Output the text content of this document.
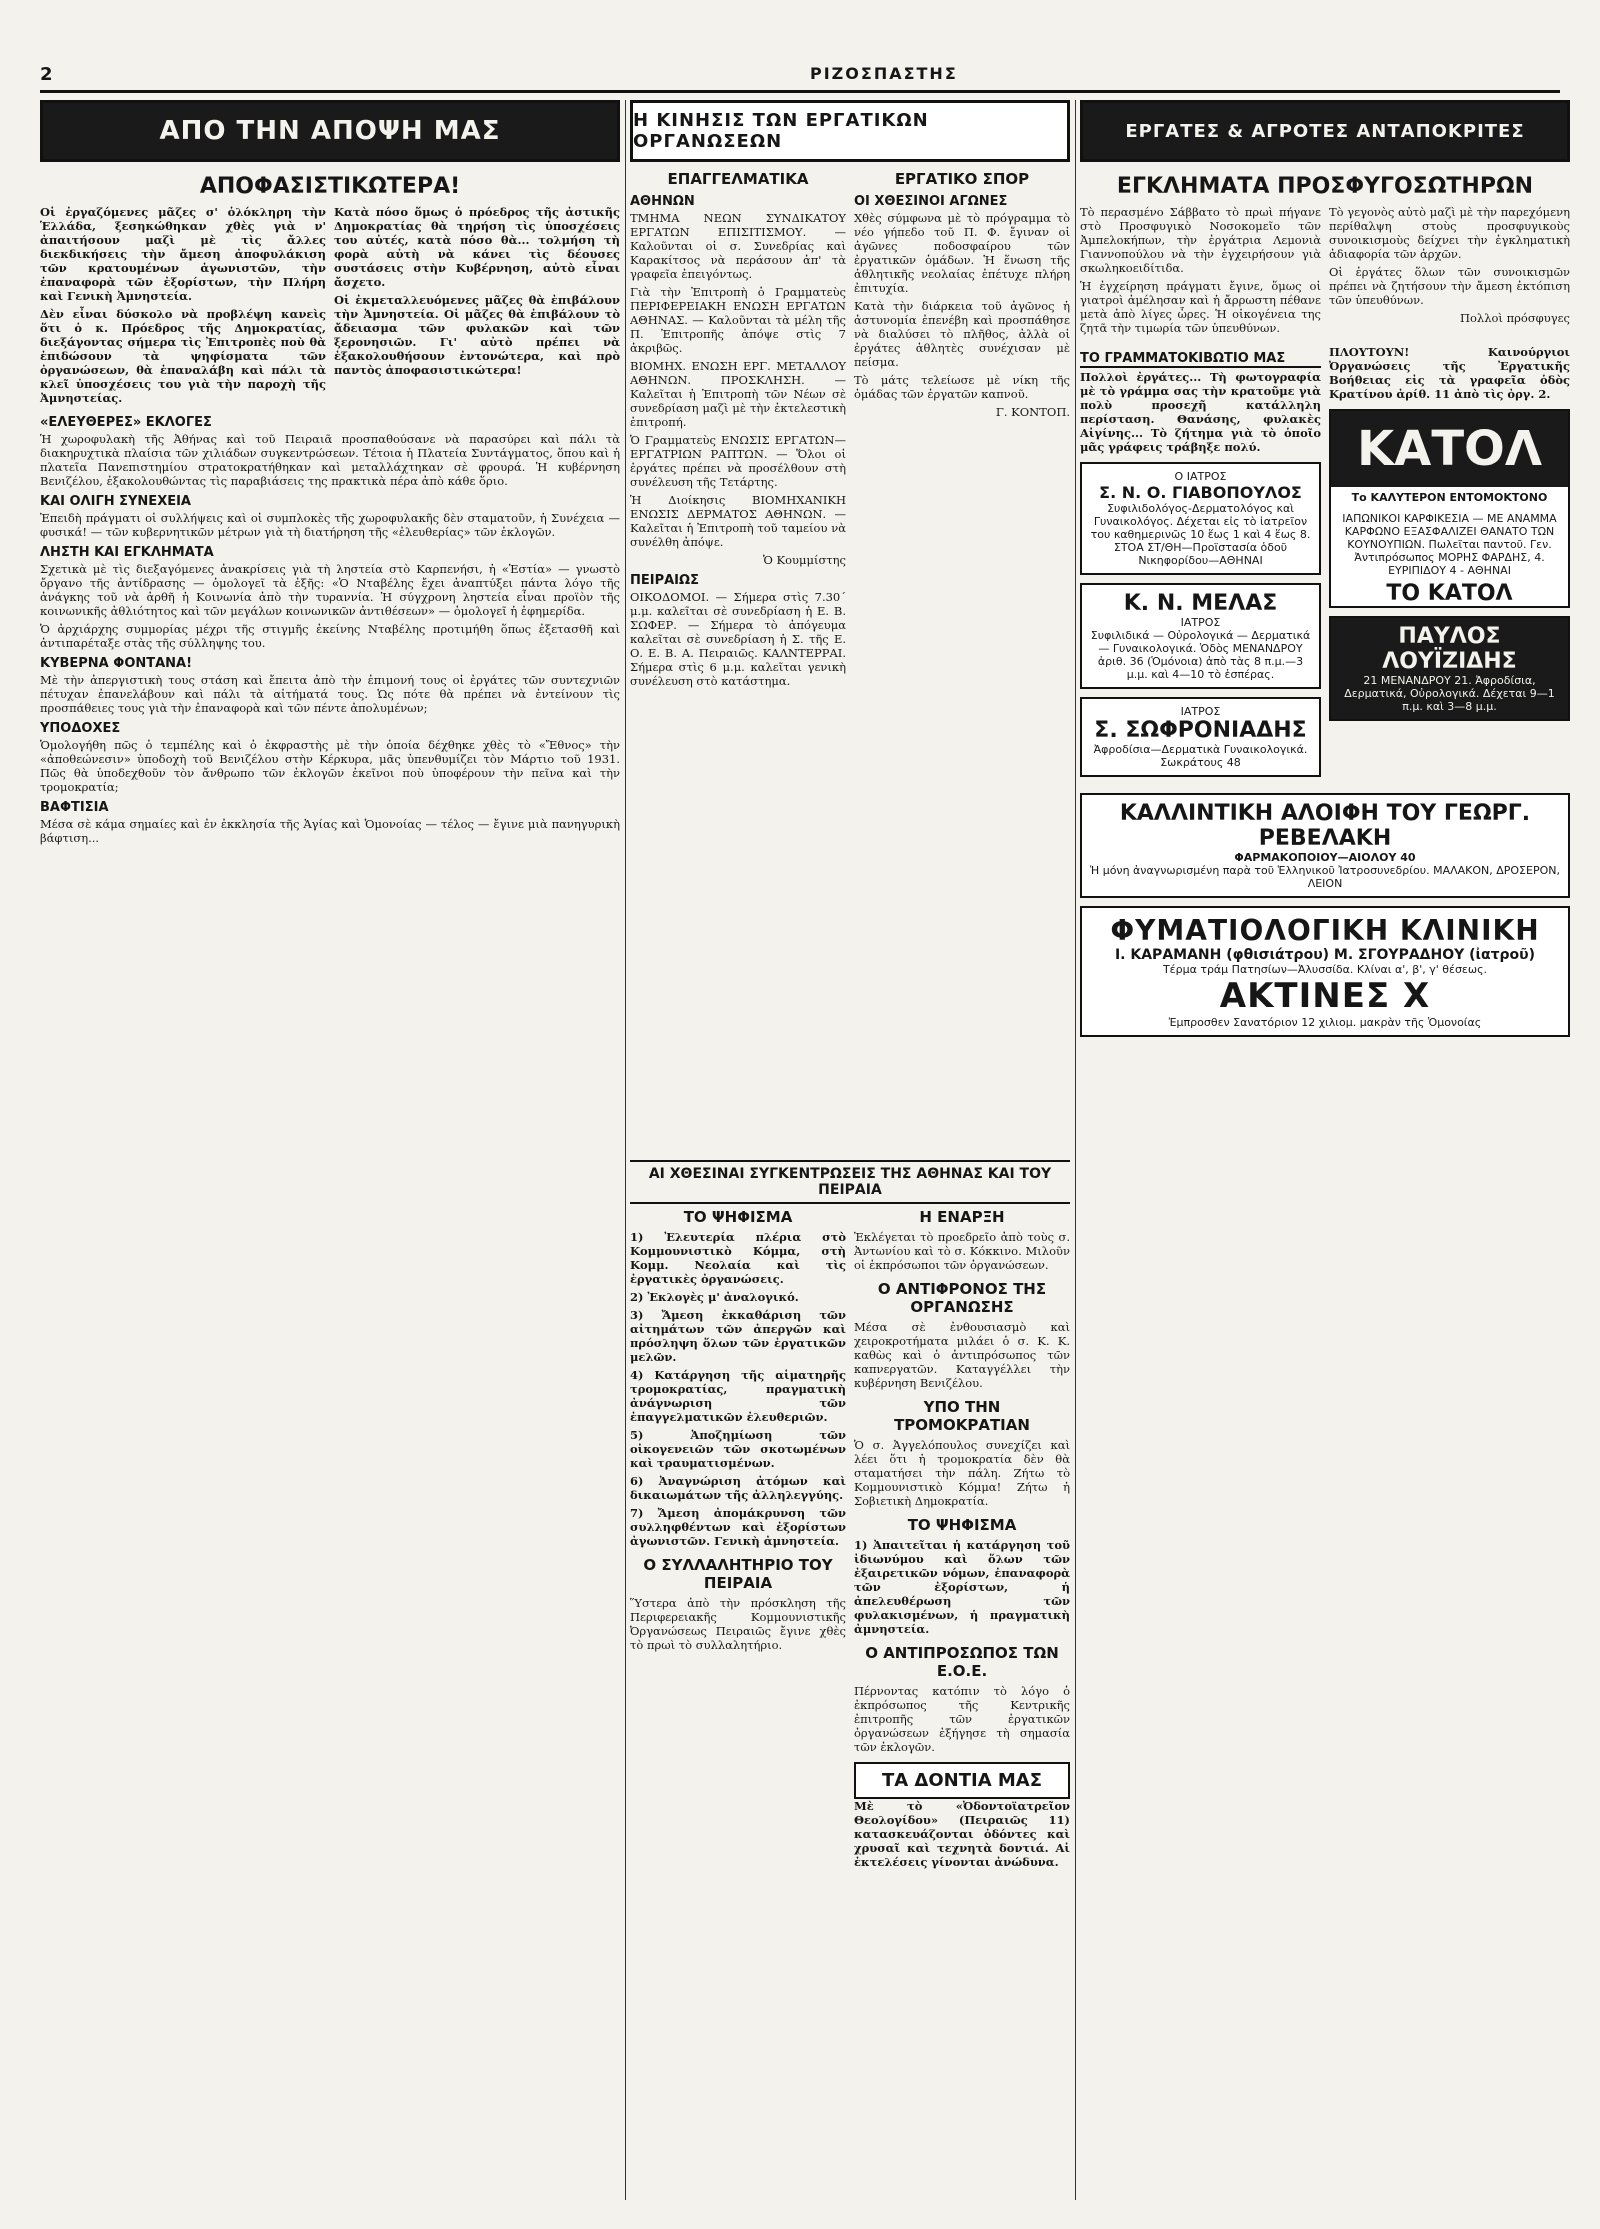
2	ΡΙΖΟΣΠΑΣΤΗΣ
ΑΠΟ ΤΗΝ ΑΠΟΨΗ ΜΑΣ
ΑΠΟΦΑΣΙΣΤΙΚΩΤΕΡΑ!

Οἱ ἐργαζόμενες μᾶζες σ' ὁλόκληρη τὴν Ἑλλάδα, ξεσηκώθηκαν χθὲς γιὰ ν' ἀπαιτήσουν μαζὶ μὲ τὶς ἄλλες διεκδικήσεις τὴν ἄμεση ἀποφυλάκιση τῶν κρατουμένων ἀγωνιστῶν, τὴν ἐπαναφορὰ τῶν ἐξορίστων, τὴν Πλήρη καὶ Γενικὴ Ἀμνηστεία.

Δὲν εἶναι δύσκολο νὰ προβλέψη κανεὶς ὅτι ὁ κ. Πρόεδρος τῆς Δημοκρατίας, διεξάγοντας σήμερα τὶς Ἐπιτροπὲς ποὺ θὰ ἐπιδώσουν τὰ ψηφίσματα τῶν ὀργανώσεων, θὰ ἐπαναλάβη καὶ πάλι τὰ κλεῖ ὑποσχέσεις του γιὰ τὴν παροχὴ τῆς Ἀμνηστείας.

Κατὰ πόσο ὅμως ὁ πρόεδρος τῆς ἀστικῆς Δημοκρατίας θὰ τηρήση τὶς ὑποσχέσεις του αὐτές, κατὰ πόσο θὰ... τολμήση τὴ φορὰ αὐτὴ νὰ κάνει τὶς δέουσες συστάσεις στὴν Κυβέρνηση, αὐτὸ εἶναι ἄσχετο.

Οἱ ἐκμεταλλευόμενες μᾶζες θὰ ἐπιβάλουν τὴν Ἀμνηστεία. Οἱ μᾶζες θὰ ἐπιβάλουν τὸ ἄδειασμα τῶν φυλακῶν καὶ τῶν ξερονησιῶν. Γι' αὐτὸ πρέπει νὰ ἐξακολουθήσουν ἐντονώτερα, καὶ πρὸ παντὸς ἀποφασιστικώτερα!

«ΕΛΕΥΘΕΡΕΣ» ΕΚΛΟΓΕΣ

Ἡ χωροφυλακὴ τῆς Ἀθήνας καὶ τοῦ Πειραιᾶ προσπαθούσανε νὰ παρασύρει καὶ πάλι τὰ διακηρυχτικὰ πλαίσια τῶν χιλιάδων συγκεντρώσεων. Τέτοια ἡ Πλατεία Συντάγματος, ὅπου καὶ ἡ πλατεῖα Πανεπιστημίου στρατοκρατήθηκαν καὶ μεταλλάχτηκαν σὲ φρουρά. Ἡ κυβέρνηση Βενιζέλου, ἐξακολουθώντας τὶς παραβιάσεις της πρακτικὰ πέρα ἀπὸ κάθε ὅριο.

ΚΑΙ ΟΛΙΓΗ ΣΥΝΕΧΕΙΑ

Ἐπειδὴ πράγματι οἱ συλλήψεις καὶ οἱ συμπλοκὲς τῆς χωροφυλακῆς δὲν σταματοῦν, ἡ Συνέχεια — φυσικά! — τῶν κυβερνητικῶν μέτρων γιὰ τὴ διατήρηση τῆς «ἐλευθερίας» τῶν ἐκλογῶν.

ΛΗΣΤΗ ΚΑΙ ΕΓΚΛΗΜΑΤΑ

Σχετικὰ μὲ τὶς διεξαγόμενες ἀνακρίσεις γιὰ τὴ ληστεία στὸ Καρπενήσι, ἡ «Ἑστία» — γνωστὸ ὄργανο τῆς ἀντίδρασης — ὁμολογεῖ τὰ ἐξῆς: «Ὁ Νταβέλης ἔχει ἀναπτύξει πάντα λόγο τῆς ἀνάγκης τοῦ νὰ ἀρθῆ ἡ Κοινωνία ἀπὸ τὴν τυραννία. Ἡ σύγχρονη ληστεία εἶναι προϊὸν τῆς κοινωνικῆς ἀθλιότητος καὶ τῶν μεγάλων κοινωνικῶν ἀντιθέσεων» — ὁμολογεῖ ἡ ἐφημερίδα.

Ὁ ἀρχιάρχης συμμορίας μέχρι τῆς στιγμῆς ἐκείνης Νταβέλης προτιμήθη ὅπως ἐξετασθῆ καὶ ἀντιπαρέταξε στὰς τῆς σύλληψης του.

ΚΥΒΕΡΝΑ ΦΟΝΤΑΝΑ!

Μὲ τὴν ἀπεργιστικὴ τους στάση καὶ ἔπειτα ἀπὸ τὴν ἐπιμονή τους οἱ ἐργάτες τῶν συντεχνιῶν πέτυχαν ἐπανελάβουν καὶ πάλι τὰ αἰτήματά τους. Ὡς πότε θὰ πρέπει νὰ ἐντείνουν τὶς προσπάθειες τους γιὰ τὴν ἐπαναφορὰ καὶ τῶν πέντε ἀπολυμένων;

ΥΠΟΔΟΧΕΣ

Ὁμολογήθη πῶς ὁ τεμπέλης καὶ ὁ ἐκφραστὴς μὲ τὴν ὁποία δέχθηκε χθὲς τὸ «Ἔθνος» τὴν «ἀποθεώνεσιν» ὑποδοχὴ τοῦ Βενιζέλου στὴν Κέρκυρα, μᾶς ὑπενθυμίζει τὸν Μάρτιο τοῦ 1931. Πῶς θὰ ὑποδεχθοῦν τὸν ἄνθρωπο τῶν ἐκλογῶν ἐκεῖνοι ποὺ ὑποφέρουν τὴν πεῖνα καὶ τὴν τρομοκρατία;

ΒΑΦΤΙΣΙΑ

Μέσα σὲ κάμα σημαίες καὶ ἐν ἐκκλησία τῆς Ἁγίας καὶ Ὁμονοίας — τέλος — ἔγινε μιὰ πανηγυρικὴ βάφτιση...

Η ΚΙΝΗΣΙΣ ΤΩΝ ΕΡΓΑΤΙΚΩΝ ΟΡΓΑΝΩΣΕΩΝ
ΕΠΑΓΓΕΛΜΑΤΙΚΑ
ΑΘΗΝΩΝ

ΤΜΗΜΑ ΝΕΩΝ ΣΥΝΔΙΚΑΤΟΥ ΕΡΓΑΤΩΝ ΕΠΙΣΙΤΙΣΜΟΥ. — Καλοῦνται οἱ σ. Συνεδρίας καὶ Καρακίτσος νὰ περάσουν ἀπ' τὰ γραφεῖα ἐπειγόντως.

Γιὰ τὴν Ἐπιτροπὴ ὁ Γραμματεὺς ΠΕΡΙΦΕΡΕΙΑΚΗ ΕΝΩΣΗ ΕΡΓΑΤΩΝ ΑΘΗΝΑΣ. — Καλοῦνται τὰ μέλη τῆς Π. Ἐπιτροπῆς ἀπόψε στὶς 7 ἀκριβῶς.

ΒΙΟΜΗΧ. ΕΝΩΣΗ ΕΡΓ. ΜΕΤΑΛΛΟΥ ΑΘΗΝΩΝ. ΠΡΟΣΚΛΗΣΗ. — Καλεῖται ἡ Ἐπιτροπὴ τῶν Νέων σὲ συνεδρίαση μαζὶ μὲ τὴν ἐκτελεστικὴ ἐπιτροπή.

Ὁ Γραμματεὺς ΕΝΩΣΙΣ ΕΡΓΑΤΩΝ—ΕΡΓΑΤΡΙΩΝ ΡΑΠΤΩΝ. — Ὅλοι οἱ ἐργάτες πρέπει νὰ προσέλθουν στὴ συνέλευση τῆς Τετάρτης.

Ἡ Διοίκησις ΒΙΟΜΗΧΑΝΙΚΗ ΕΝΩΣΙΣ ΔΕΡΜΑΤΟΣ ΑΘΗΝΩΝ. — Καλεῖται ἡ Ἐπιτροπὴ τοῦ ταμείου νὰ συνέλθη ἀπόψε.

Ὁ Κουμμίστης

ΠΕΙΡΑΙΩΣ

ΟΙΚΟΔΟΜΟΙ. — Σήμερα στὶς 7.30΄ μ.μ. καλεῖται σὲ συνεδρίαση ἡ Ε. Β. ΣΩΦΕΡ. — Σήμερα τὸ ἀπόγευμα καλεῖται σὲ συνεδρίαση ἡ Σ. τῆς Ε. Ο. Ε. Β. Α. Πειραιῶς. ΚΑΛΝΤΕΡΡΑΙ. Σήμερα στὶς 6 μ.μ. καλεῖται γενικὴ συνέλευση στὸ κατάστημα.

ΕΡΓΑΤΙΚΟ ΣΠΟΡ
ΟΙ ΧΘΕΣΙΝΟΙ ΑΓΩΝΕΣ

Χθὲς σύμφωνα μὲ τὸ πρόγραμμα τὸ νέο γήπεδο τοῦ Π. Φ. ἔγιναν οἱ ἀγῶνες ποδοσφαίρου τῶν ἐργατικῶν ὁμάδων. Ἡ ἕνωση τῆς ἀθλητικῆς νεολαίας ἐπέτυχε πλήρη ἐπιτυχία.

Κατὰ τὴν διάρκεια τοῦ ἀγῶνος ἡ ἀστυνομία ἐπενέβη καὶ προσπάθησε νὰ διαλύσει τὸ πλῆθος, ἀλλὰ οἱ ἐργάτες ἀθλητὲς συνέχισαν μὲ πείσμα.

Τὸ μάτς τελείωσε μὲ νίκη τῆς ὁμάδας τῶν ἐργατῶν καπνοῦ.

Γ. ΚΟΝΤΟΠ.

ΑΙ ΧΘΕΣΙΝΑΙ ΣΥΓΚΕΝΤΡΩΣΕΙΣ ΤΗΣ ΑΘΗΝΑΣ ΚΑΙ ΤΟΥ ΠΕΙΡΑΙΑ
ΤΟ ΨΗΦΙΣΜΑ

1) Ἐλευτερία πλέρια στὸ Κομμουνιστικὸ Κόμμα, στὴ Κομμ. Νεολαία καὶ τὶς ἐργατικὲς ὀργανώσεις.

2) Ἐκλογὲς μ' ἀναλογικό.

3) Ἄμεση ἐκκαθάριση τῶν αἰτημάτων τῶν ἀπεργῶν καὶ πρόσληψη ὅλων τῶν ἐργατικῶν μελῶν.

4) Κατάργηση τῆς αἱματηρῆς τρομοκρατίας, πραγματικὴ ἀνάγνωριση τῶν ἐπαγγελματικῶν ἐλευθεριῶν.

5) Ἀποζημίωση τῶν οἰκογενειῶν τῶν σκοτωμένων καὶ τραυματισμένων.

6) Ἀναγνώριση ἀτόμων καὶ δικαιωμάτων τῆς ἀλληλεγγύης.

7) Ἄμεση ἀπομάκρυνση τῶν συλληφθέντων καὶ ἐξορίστων ἀγωνιστῶν. Γενικὴ ἀμνηστεία.

Ο ΣΥΛΛΑΛΗΤΗΡΙΟ ΤΟΥ ΠΕΙΡΑΙΑ

Ὕστερα ἀπὸ τὴν πρόσκληση τῆς Περιφερειακῆς Κομμουνιστικῆς Ὀργανώσεως Πειραιῶς ἔγινε χθὲς τὸ πρωὶ τὸ συλλαλητήριο.

Η ΕΝΑΡΞΗ

Ἐκλέγεται τὸ προεδρεῖο ἀπὸ τοὺς σ. Ἀντωνίου καὶ τὸ σ. Κόκκινο. Μιλοῦν οἱ ἐκπρόσωποι τῶν ὀργανώσεων.

Ο ΑΝΤΙΦΡΟΝΟΣ ΤΗΣ ΟΡΓΑΝΩΣΗΣ

Μέσα σὲ ἐνθουσιασμὸ καὶ χειροκροτήματα μιλάει ὁ σ. Κ. Κ. καθὼς καὶ ὁ ἀντιπρόσωπος τῶν καπνεργατῶν. Καταγγέλλει τὴν κυβέρνηση Βενιζέλου.

ΥΠΟ ΤΗΝ ΤΡΟΜΟΚΡΑΤΙΑΝ

Ὁ σ. Ἀγγελόπουλος συνεχίζει καὶ λέει ὅτι ἡ τρομοκρατία δὲν θὰ σταματήσει τὴν πάλη. Ζήτω τὸ Κομμουνιστικὸ Κόμμα! Ζήτω ἡ Σοβιετικὴ Δημοκρατία.

ΤΟ ΨΗΦΙΣΜΑ

1) Ἀπαιτεῖται ἡ κατάργηση τοῦ ἰδιωνύμου καὶ ὅλων τῶν ἐξαιρετικῶν νόμων, ἐπαναφορὰ τῶν ἐξορίστων, ἡ ἀπελευθέρωση τῶν φυλακισμένων, ἡ πραγματικὴ ἀμνηστεία.

Ο ΑΝΤΙΠΡΟΣΩΠΟΣ ΤΩΝ Ε.Ο.Ε.

Πέρνοντας κατόπιν τὸ λόγο ὁ ἐκπρόσωπος τῆς Κεντρικῆς ἐπιτροπῆς τῶν ἐργατικῶν ὀργανώσεων ἐξήγησε τὴ σημασία τῶν ἐκλογῶν.

ΤΑ ΔΟΝΤΙΑ ΜΑΣ

Μὲ τὸ «Ὀδοντοϊατρεῖον Θεολογίδου» (Πειραιῶς 11) κατασκευάζονται ὀδόντες καὶ χρυσαῖ καὶ τεχνητὰ δοντιά. Αἱ ἐκτελέσεις γίνονται ἀνώδυνα.

ΕΡΓΑΤΕΣ & ΑΓΡΟΤΕΣ ΑΝΤΑΠΟΚΡΙΤΕΣ
ΕΓΚΛΗΜΑΤΑ ΠΡΟΣΦΥΓΟΣΩΤΗΡΩΝ

Τὸ περασμένο Σάββατο τὸ πρωὶ πήγανε στὸ Προσφυγικὸ Νοσοκομεῖο τῶν Ἀμπελοκήπων, τὴν ἐργάτρια Λεμονιὰ Γιαννοπούλου νὰ τὴν ἐγχειρήσουν γιὰ σκωληκοειδίτιδα.

Ἡ ἐγχείρηση πράγματι ἔγινε, ὅμως οἱ γιατροὶ ἀμέλησαν καὶ ἡ ἄρρωστη πέθανε μετὰ ἀπὸ λίγες ὧρες. Ἡ οἰκογένεια της ζητᾶ τὴν τιμωρία τῶν ὑπευθύνων.

Τὸ γεγονὸς αὐτὸ μαζὶ μὲ τὴν παρεχόμενη περίθαλψη στοὺς προσφυγικοὺς συνοικισμοὺς δείχνει τὴν ἐγκληματικὴ ἀδιαφορία τῶν ἀρχῶν.

Οἱ ἐργάτες ὅλων τῶν συνοικισμῶν πρέπει νὰ ζητήσουν τὴν ἄμεση ἐκτόπιση τῶν ὑπευθύνων.

Πολλοὶ πρόσφυγες

ΤΟ ΓΡΑΜΜΑΤΟΚΙΒΩΤΙΟ ΜΑΣ

Πολλοὶ ἐργάτες... Τὴ φωτογραφία μὲ τὸ γράμμα σας τὴν κρατοῦμε γιὰ πολὺ προσεχῆ κατάλληλη περίσταση. Θανάσης, φυλακὲς Αἰγίνης... Τὸ ζήτημα γιὰ τὸ ὁποῖο μᾶς γράφεις τράβηξε πολύ.

Ο ΙΑΤΡΟΣ
Σ. Ν. Ο. ΓΙΑΒΟΠΟΥΛΟΣ
Συφιλιδολόγος-Δερματολόγος καὶ Γυναικολόγος. Δέχεται εἰς τὸ ἰατρεῖον του καθημερινῶς 10 ἕως 1 καὶ 4 ἕως 8. ΣΤΟΑ ΣΤ/ΘΗ—Προϊστασία ὁδοῦ Νικηφορίδου—ΑΘΗΝΑΙ
Κ. Ν. ΜΕΛΑΣ
ΙΑΤΡΟΣ
Συφιλιδικά — Οὐρολογικά — Δερματικά — Γυναικολογικά. Ὁδὸς ΜΕΝΑΝΔΡΟΥ ἀριθ. 36 (Ὁμόνοια) ἀπὸ τὰς 8 π.μ.—3 μ.μ. καὶ 4—10 τὸ ἑσπέρας.
ΙΑΤΡΟΣ
Σ. ΣΩΦΡΟΝΙΑΔΗΣ
Ἀφροδίσια—Δερματικὰ Γυναικολογικά. Σωκράτους 48

ΠΛΟΥΤΟΥΝ! Καινούργιοι Ὀργανώσεις τῆς Ἐργατικῆς Βοήθειας εἰς τὰ γραφεῖα ὁδὸς Κρατίνου ἀρίθ. 11 ἀπὸ τὶς ὀργ. 2.

ΚΑΤΟΛ
Το ΚΑΛΥΤΕΡΟΝ ΕΝΤΟΜΟΚΤΟΝΟ
ΙΑΠΩΝΙΚΟΙ ΚΑΡΦΙΚΕΣΙΑ — ΜΕ ΑΝΑΜΜΑ ΚΑΡΦΩΝΟ ΕΞΑΣΦΑΛΙΖΕΙ ΘΑΝΑΤΟ ΤΩΝ ΚΟΥΝΟΥΠΙΩΝ. Πωλεῖται παντοῦ. Γεν. Ἀντιπρόσωπος ΜΟΡΗΣ ΦΑΡΔΗΣ, 4. ΕΥΡΙΠΙΔΟΥ 4 - ΑΘΗΝΑΙ
ΤΟ ΚΑΤΟΛ
ΠΑΥΛΟΣ ΛΟΥΪΖΙΔΗΣ
21 ΜΕΝΑΝΔΡΟΥ 21. Ἀφροδίσια, Δερματικά, Οὐρολογικά. Δέχεται 9—1 π.μ. καὶ 3—8 μ.μ.
ΚΑΛΛΙΝΤΙΚΗ ΑΛΟΙΦΗ ΤΟΥ ΓΕΩΡΓ. ΡΕΒΕΛΑΚΗ
ΦΑΡΜΑΚΟΠΟΙΟΥ—ΑΙΟΛΟΥ 40
Ἡ μόνη ἀναγνωρισμένη παρὰ τοῦ Ἑλληνικοῦ Ἰατροσυνεδρίου. ΜΑΛΑΚΟΝ, ΔΡΟΣΕΡΟΝ, ΛΕΙΟΝ
ΦΥΜΑΤΙΟΛΟΓΙΚΗ ΚΛΙΝΙΚΗ
Ι. ΚΑΡΑΜΑΝΗ (φθισιάτρου) Μ. ΣΓΟΥΡΑΔΗΟΥ (ἰατροῦ)
Τέρμα τράμ Πατησίων—Ἀλυσσίδα. Κλίναι α', β', γ' θέσεως.
ΑΚΤΙΝΕΣ Χ
Ἐμπροσθεν Σανατόριον 12 χιλιομ. μακρὰν τῆς Ὁμονοίας
